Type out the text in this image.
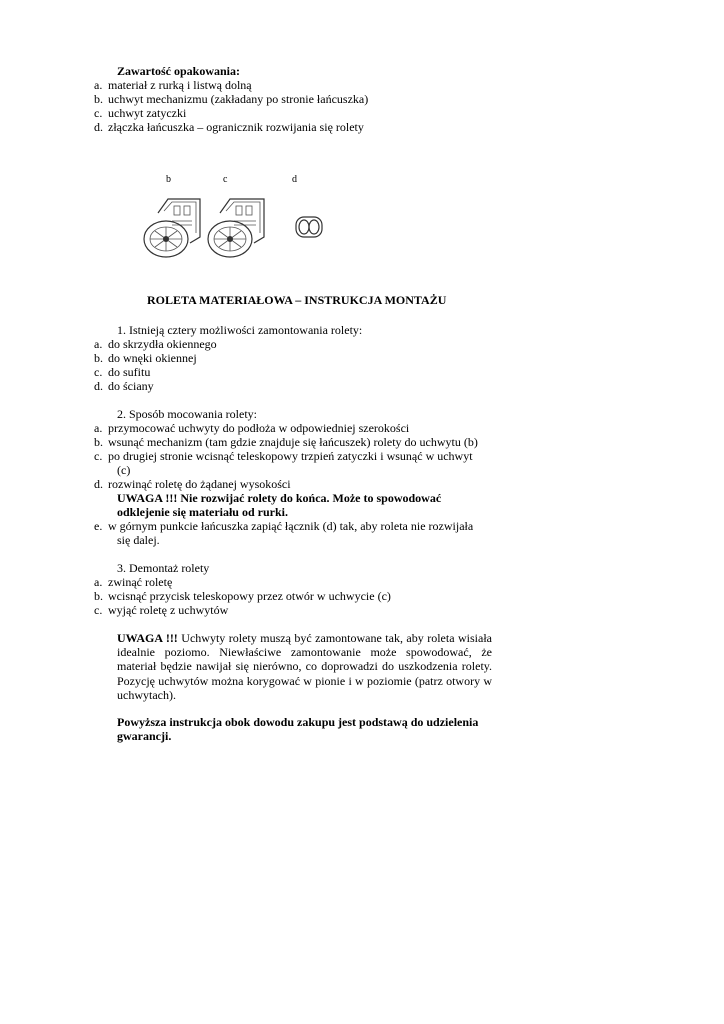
Zawartość opakowania:
a. materiał z rurką i listwą dolną
b. uchwyt mechanizmu (zakładany po stronie łańcuszka)
c. uchwyt zatyczki
d. złączka łańcuszka – ogranicznik rozwijania się rolety
b	c	d
ROLETA MATERIAŁOWA – INSTRUKCJA MONTAŻU
1. Istnieją cztery możliwości zamontowania rolety:
a. do skrzydła okiennego
b. do wnęki okiennej
c. do sufitu
d. do ściany
2. Sposób mocowania rolety:
a. przymocować uchwyty do podłoża w odpowiedniej szerokości
b. wsunąć mechanizm (tam gdzie znajduje się łańcuszek) rolety do uchwytu (b)
c. po drugiej stronie wcisnąć teleskopowy trzpień zatyczki i wsunąć w uchwyt
(c)
d. rozwinąć roletę do żądanej wysokości
UWAGA !!! Nie rozwijać rolety do końca. Może to spowodować
odklejenie się materiału od rurki.
e. w górnym punkcie łańcuszka zapiąć łącznik (d) tak, aby roleta nie rozwijała
się dalej.
3. Demontaż rolety
a. zwinąć roletę
b. wcisnąć przycisk teleskopowy przez otwór w uchwycie (c)
c. wyjąć roletę z uchwytów
UWAGA !!! Uchwyty rolety muszą być zamontowane tak, aby roleta wisiała idealnie poziomo. Niewłaściwe zamontowanie może spowodować, że materiał będzie nawijał się nierówno, co doprowadzi do uszkodzenia rolety. Pozycję uchwytów można korygować w pionie i w poziomie (patrz otwory w uchwytach).
Powyższa instrukcja obok dowodu zakupu jest podstawą do udzielenia gwarancji.
